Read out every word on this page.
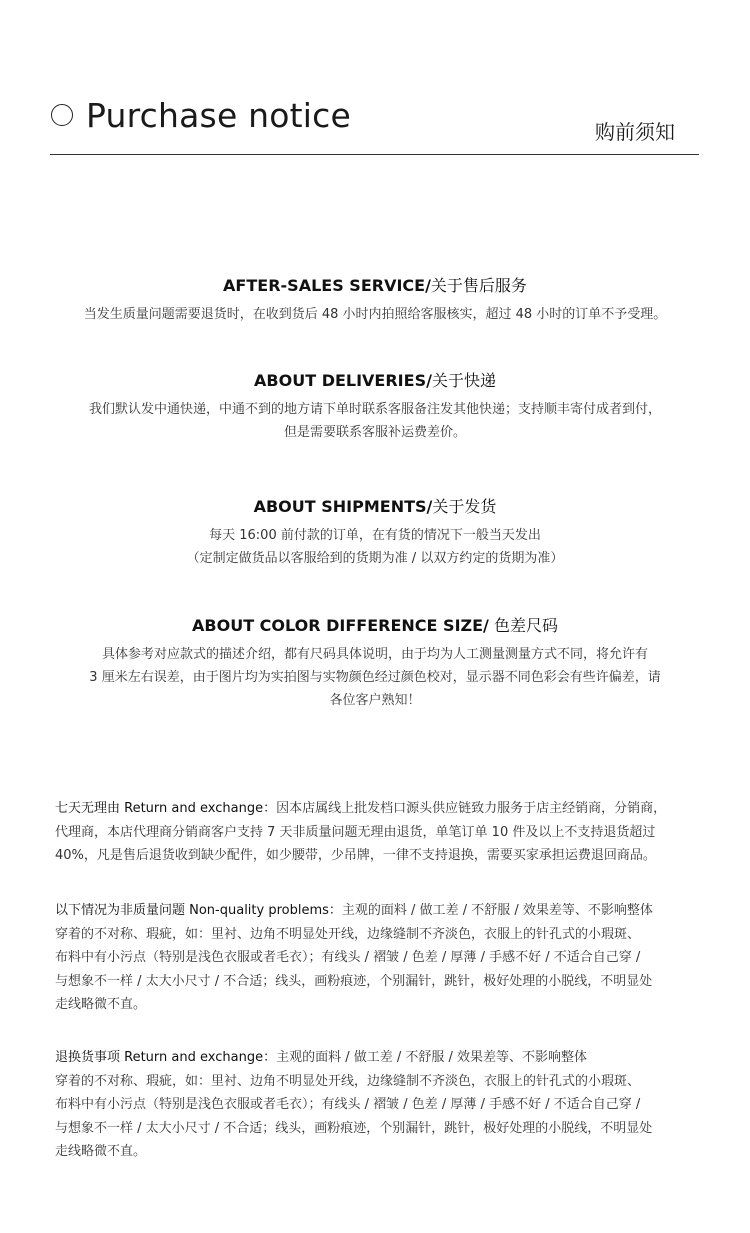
Purchase notice	购前须知
AFTER-SALES SERVICE/关于售后服务
当发生质量问题需要退货时，在收到货后 48 小时内拍照给客服核实，超过 48 小时的订单不予受理。
ABOUT DELIVERIES/关于快递
我们默认发中通快递，中通不到的地方请下单时联系客服备注发其他快递；支持顺丰寄付成者到付，
但是需要联系客服补运费差价。
ABOUT SHIPMENTS/关于发货
每天 16:00 前付款的订单，在有货的情况下一般当天发出
（定制定做货品以客服给到的货期为准 / 以双方约定的货期为准）
ABOUT COLOR DIFFERENCE SIZE/ 色差尺码
具体参考对应款式的描述介绍，都有尺码具体说明，由于均为人工测量测量方式不同，将允许有
3 厘米左右误差，由于图片均为实拍图与实物颜色经过颜色校对，显示器不同色彩会有些许偏差，请
各位客户熟知！
七天无理由 Return and exchange：因本店属线上批发档口源头供应链致力服务于店主经销商，分销商，
代理商，本店代理商分销商客户支持 7 天非质量问题无理由退货，单笔订单 10 件及以上不支持退货超过
40%，凡是售后退货收到缺少配件，如少腰带，少吊牌，一律不支持退换，需要买家承担运费退回商品。
以下情况为非质量问题 Non-quality problems：主观的面料 / 做工差 / 不舒服 / 效果差等、不影响整体
穿着的不对称、瑕疵，如：里衬、边角不明显处开线，边缘缝制不齐淡色，衣服上的针孔式的小瑕斑、
布料中有小污点（特别是浅色衣服或者毛衣）；有线头 / 褶皱 / 色差 / 厚薄 / 手感不好 / 不适合自己穿 /
与想象不一样 / 太大小尺寸 / 不合适；线头，画粉痕迹，个别漏针，跳针，极好处理的小脱线，不明显处
走线略微不直。
退换货事项 Return and exchange：主观的面料 / 做工差 / 不舒服 / 效果差等、不影响整体
穿着的不对称、瑕疵，如：里衬、边角不明显处开线，边缘缝制不齐淡色，衣服上的针孔式的小瑕斑、
布料中有小污点（特别是浅色衣服或者毛衣）；有线头 / 褶皱 / 色差 / 厚薄 / 手感不好 / 不适合自己穿 /
与想象不一样 / 太大小尺寸 / 不合适；线头，画粉痕迹，个别漏针，跳针，极好处理的小脱线，不明显处
走线略微不直。
